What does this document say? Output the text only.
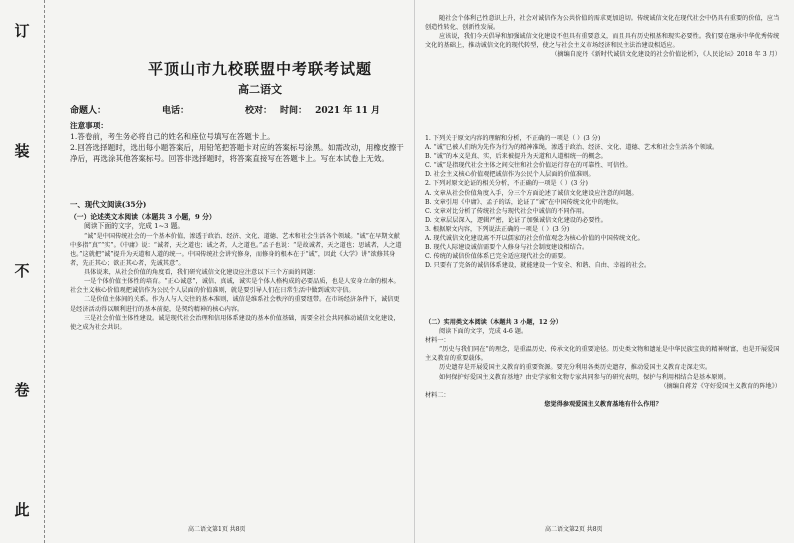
订
装
不
卷
此
平顶山市九校联盟中考联考试题
高二语文
命题人：	电话：	校对： 时间： 2021 年 11 月

注意事项：

1.答卷前，考生务必将自己的姓名和座位号填写在答题卡上。

2.回答选择题时，选出每小题答案后，用铅笔把答题卡对应的答案标号涂黑。如需改动，用橡皮擦干净后，再选涂其他答案标号。回答非选择题时，将答案直接写在答题卡上。写在本试卷上无效。

一、现代文阅读(35分)

（一）论述类文本阅读（本题共 3 小题，9 分）

阅读下面的文字，完成 1~3 题。

“诚”是中国传统社会的一个基本价值，渗透于政治、经济、文化、道德、艺术和社会生活各个领域。“诚”在早期文献中多指“真”“实”。《中庸》说：“诚者，天之道也；诚之者，人之道也。”孟子也说：“是故诚者，天之道也；思诚者，人之道也。”这就把“诚”提升为天道和人道的统一。中国传统社会讲究修身，而修身的根本在于“诚”，因此《大学》讲“欲修其身者，先正其心；欲正其心者，先诚其意”。

具体说来，从社会价值的角度看，我们研究诚信文化建设应注意以下三个方面的问题：

一是个体价值主体性的培育。“正心诚意”，诚信、真诚，诚实是个体人格构成的必要品质，也是人安身立命的根本。社会主义核心价值观把诚信作为公民个人层面的价值准则，就是要引导人们在日常生活中做到诚实守信。

二是价值主体间的关系。作为人与人交往的基本准则，诚信是维系社会秩序的重要纽带。在市场经济条件下，诚信更是经济活动得以顺利进行的基本前提，是契约精神的核心内容。

三是社会价值主体性建设。诚是现代社会治理和信用体系建设的基本价值基础，需要全社会共同推动诚信文化建设，使之成为社会共识。

高二语文第1页 共8页

随社会个体利己性意识上升，社会对诚信作为公共价值的需求更加迫切。传统诚信文化在现代社会中仍具有重要的价值，应当创造性转化、创新性发展。

应该说，我们今天倡导和加强诚信文化建设不但具有重要意义，而且具有历史根基和现实必要性。我们要在继承中华优秀传统文化的基础上，推动诚信文化的现代转型，使之与社会主义市场经济和民主法治建设相适应。

（摘编自庞丹《新时代诚信文化建设的社会价值论析》，《人民论坛》2018 年 3 月）

1. 下列关于原文内容的理解和分析，不正确的一项是（ ）(3 分)

A. “诚”已被人们纳为先作为行为的精神准绳，渗透于政治、经济、文化、道德、艺术和社会生活各个领域。

B. “诚”的本义是真、实，后来被提升为天道和人道相统一的概念。

C. “诚”是指现代社会主体之间交往和社会价值运行存在的可靠性、可信性。

D. 社会主义核心价值观把诚信作为公民个人层面的价值准则。

2. 下列对原文论证的相关分析，不正确的一项是（ ）(3 分)

A. 文章从社会价值角度入手，分三个方面论述了诚信文化建设应注意的问题。

B. 文章引用《中庸》、孟子的话，论证了“诚”在中国传统文化中的地位。

C. 文章对比分析了传统社会与现代社会中诚信的不同作用。

D. 文章层层深入，逻辑严密，论证了加强诚信文化建设的必要性。

3. 根据原文内容，下列说法正确的一项是（ ）(3 分)

A. 现代诚信文化建设离不开以儒家的社会价值观念为核心价值的中国传统文化。

B. 现代人际建设诚信需要个人修身与社会制度建设相结合。

C. 传统的诚信价值体系已完全适应现代社会的需要。

D. 只要有了完备的诚信体系建设，就能建设一个安全、和谐、自由、幸福的社会。

（二）实用类文本阅读（本题共 3 小题，12 分）

阅读下面的文字，完成 4-6 题。

材料一：

“历史与我们同在”的理念，是重温历史、传承文化的重要途径。历史类文物和遗址是中华民族宝贵的精神财富，也是开展爱国主义教育的重要载体。

历史遗存是开展爱国主义教育的重要资源。要充分利用各类历史遗存，推动爱国主义教育走深走实。

如何保护好爱国主义教育基地？由史学家和文物专家共同参与的研究表明，保护与利用相结合是基本原则。

（摘编自蒋芳《守好爱国主义教育的阵地》）

材料二：

您觉得参观爱国主义教育基地有什么作用？

高二语文第2页 共8页
